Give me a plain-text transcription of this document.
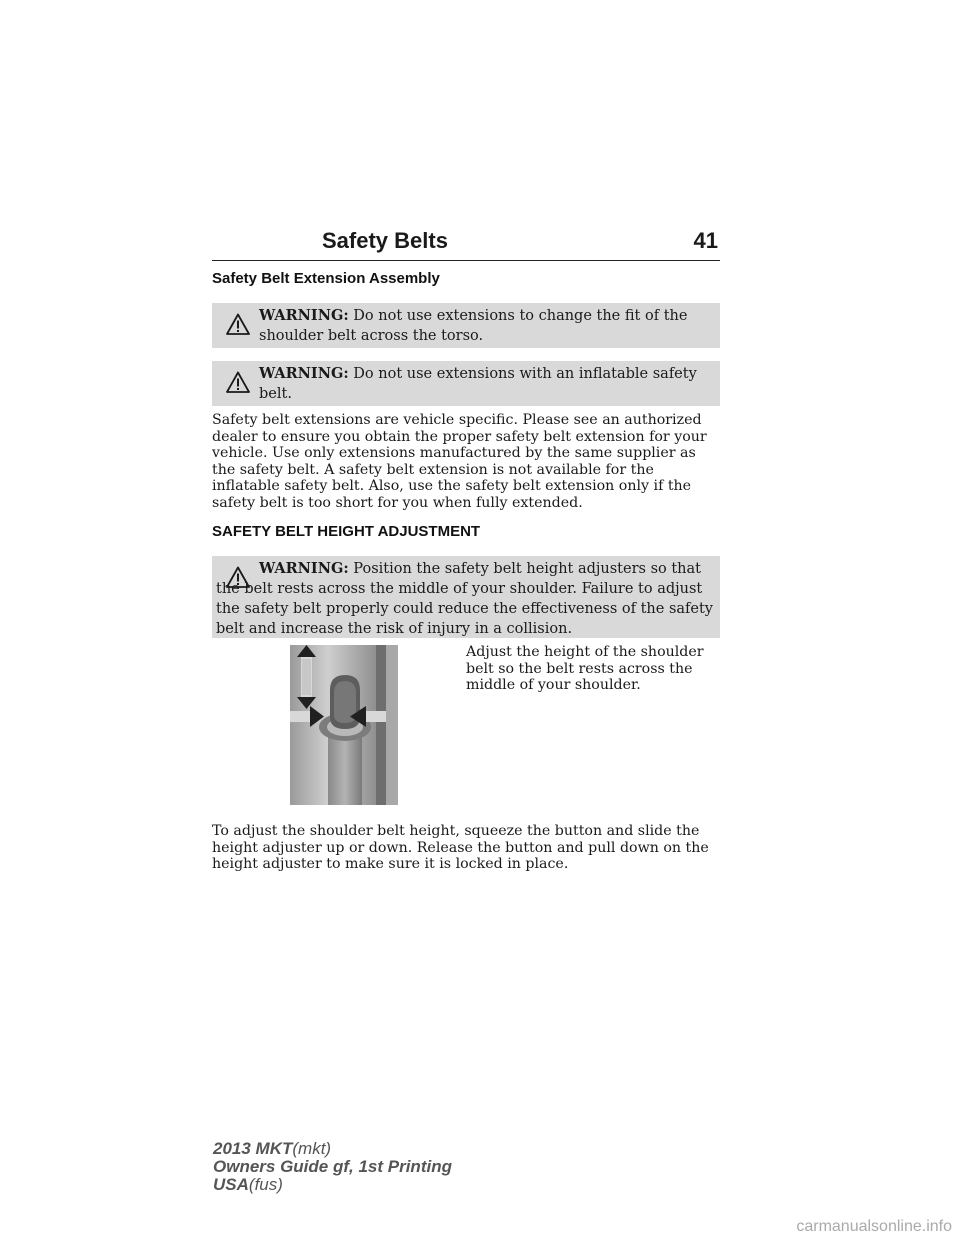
Safety Belts	41
Safety Belt Extension Assembly
WARNING: Do not use extensions to change the fit of the shoulder belt across the torso.
WARNING: Do not use extensions with an inflatable safety belt.
Safety belt extensions are vehicle specific. Please see an authorized dealer to ensure you obtain the proper safety belt extension for your vehicle. Use only extensions manufactured by the same supplier as the safety belt. A safety belt extension is not available for the inflatable safety belt. Also, use the safety belt extension only if the safety belt is too short for you when fully extended.
SAFETY BELT HEIGHT ADJUSTMENT
WARNING: Position the safety belt height adjusters so that the belt rests across the middle of your shoulder. Failure to adjust the safety belt properly could reduce the effectiveness of the safety belt and increase the risk of injury in a collision.
Adjust the height of the shoulder belt so the belt rests across the middle of your shoulder.
To adjust the shoulder belt height, squeeze the button and slide the height adjuster up or down. Release the button and pull down on the height adjuster to make sure it is locked in place.
2013 MKT(mkt)
Owners Guide gf, 1st Printing
USA(fus)
carmanualsonline.info
